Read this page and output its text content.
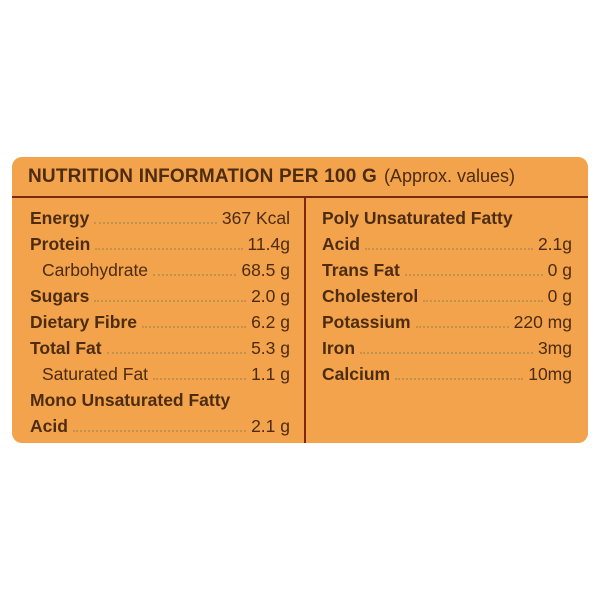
NUTRITION INFORMATION PER 100 G (Approx. values)
Energy	367 Kcal
Protein	11.4g
Carbohydrate	68.5 g
Sugars	2.0 g
Dietary Fibre	6.2 g
Total Fat	5.3 g
Saturated Fat	1.1 g
Mono Unsaturated Fatty
Acid	2.1 g
Poly Unsaturated Fatty
Acid	2.1g
Trans Fat	0 g
Cholesterol	0 g
Potassium	220 mg
Iron	3mg
Calcium	10mg
